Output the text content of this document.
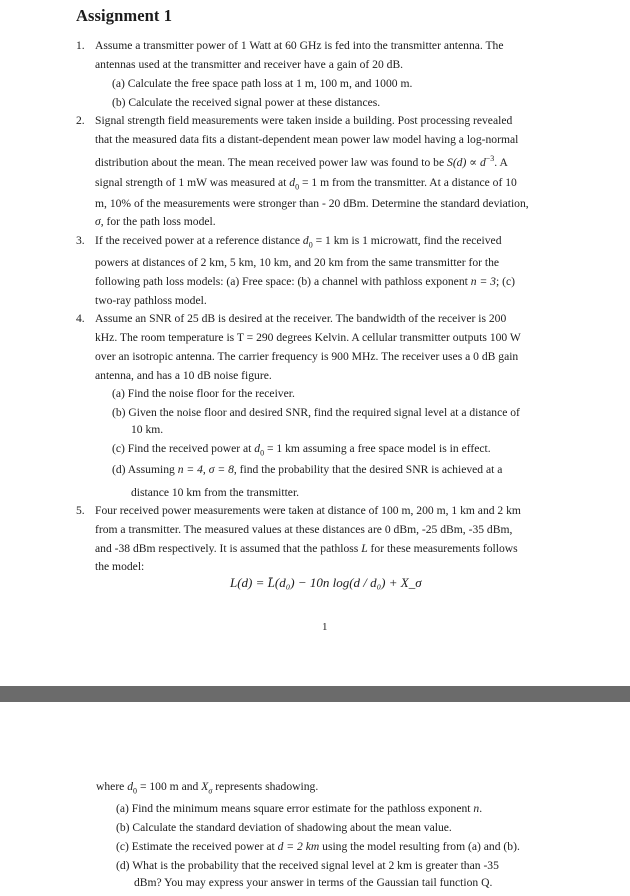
Assignment 1
1. Assume a transmitter power of 1 Watt at 60 GHz is fed into the transmitter antenna. The
antennas used at the transmitter and receiver have a gain of 20 dB.
(a) Calculate the free space path loss at 1 m, 100 m, and 1000 m.
(b) Calculate the received signal power at these distances.
2. Signal strength field measurements were taken inside a building. Post processing revealed
that the measured data fits a distant-dependent mean power law model having a log-normal
distribution about the mean. The mean received power law was found to be $S(d) \propto d^{-3}$. A
signal strength of 1 mW was measured at $d_0 = 1$ m from the transmitter. At a distance of 10
m, 10% of the measurements were stronger than - 20 dBm. Determine the standard deviation,
σ, for the path loss model.
3. If the received power at a reference distance $d_0 = 1$ km is 1 microwatt, find the received
powers at distances of 2 km, 5 km, 10 km, and 20 km from the same transmitter for the
following path loss models: (a) Free space: (b) a channel with pathloss exponent n = 3; (c)
two-ray pathloss model.
4. Assume an SNR of 25 dB is desired at the receiver. The bandwidth of the receiver is 200
kHz. The room temperature is T = 290 degrees Kelvin. A cellular transmitter outputs 100 W
over an isotropic antenna. The carrier frequency is 900 MHz. The receiver uses a 0 dB gain
antenna, and has a 10 dB noise figure.
(a) Find the noise floor for the receiver.
(b) Given the noise floor and desired SNR, find the required signal level at a distance of
10 km.
(c) Find the received power at $d_0 = 1$ km assuming a free space model is in effect.
(d) Assuming n = 4, σ = 8, find the probability that the desired SNR is achieved at a
distance 10 km from the transmitter.
5. Four received power measurements were taken at distance of 100 m, 200 m, 1 km and 2 km
from a transmitter. The measured values at these distances are 0 dBm, -25 dBm, -35 dBm,
and -38 dBm respectively. It is assumed that the pathloss L for these measurements follows
the model:
L(d) = L̄(d₀) − 10n log(d / d₀) + X_σ
1
where $d_0 = 100$ m and $X_\sigma$ represents shadowing.
(a) Find the minimum means square error estimate for the pathloss exponent n.
(b) Calculate the standard deviation of shadowing about the mean value.
(c) Estimate the received power at d = 2 km using the model resulting from (a) and (b).
(d) What is the probability that the received signal level at 2 km is greater than -35
dBm? You may express your answer in terms of the Gaussian tail function Q.
